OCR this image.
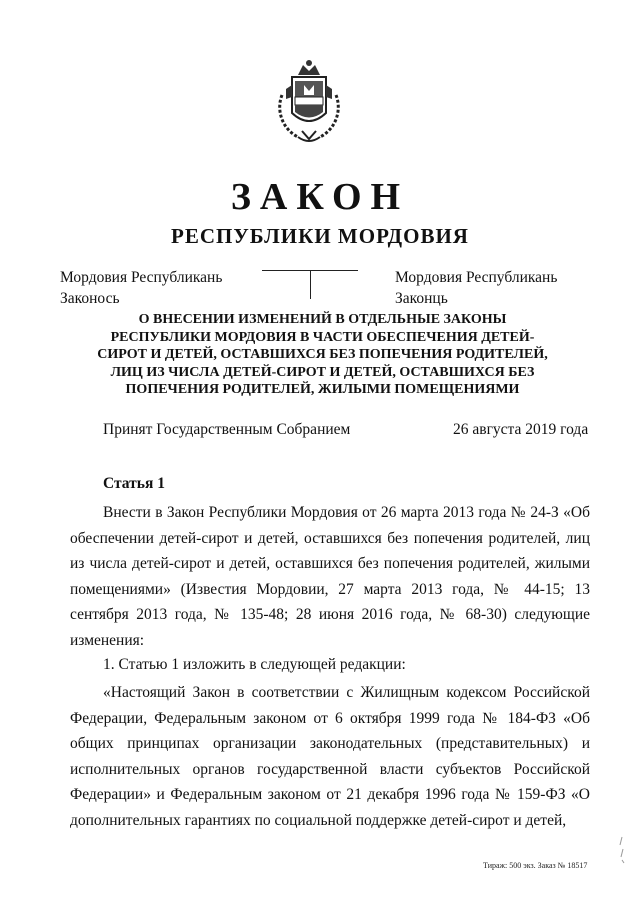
ЗАКОН
РЕСПУБЛИКИ МОРДОВИЯ
Мордовия Республикань
Законось
Мордовия Республикань
Законць
О ВНЕСЕНИИ ИЗМЕНЕНИЙ В ОТДЕЛЬНЫЕ ЗАКОНЫ РЕСПУБЛИКИ МОРДОВИЯ В ЧАСТИ ОБЕСПЕЧЕНИЯ ДЕТЕЙ-СИРОТ И ДЕТЕЙ, ОСТАВШИХСЯ БЕЗ ПОПЕЧЕНИЯ РОДИТЕЛЕЙ, ЛИЦ ИЗ ЧИСЛА ДЕТЕЙ-СИРОТ И ДЕТЕЙ, ОСТАВШИХСЯ БЕЗ ПОПЕЧЕНИЯ РОДИТЕЛЕЙ, ЖИЛЫМИ ПОМЕЩЕНИЯМИ
Принят Государственным Собранием	26 августа 2019 года
Статья 1
Внести в Закон Республики Мордовия от 26 марта 2013 года № 24-З «Об обеспечении детей-сирот и детей, оставшихся без попечения родителей, лиц из числа детей-сирот и детей, оставшихся без попечения родителей, жилыми помещениями» (Известия Мордовии, 27 марта 2013 года, № 44-15; 13 сентября 2013 года, № 135-48; 28 июня 2016 года, № 68-30) следующие изменения:
1. Статью 1 изложить в следующей редакции:
«Настоящий Закон в соответствии с Жилищным кодексом Российской Федерации, Федеральным законом от 6 октября 1999 года № 184-ФЗ «Об общих принципах организации законодательных (представительных) и исполнительных органов государственной власти субъектов Российской Федерации» и Федеральным законом от 21 декабря 1996 года № 159-ФЗ «О дополнительных гарантиях по социальной поддержке детей-сирот и детей,
Тираж: 500 экз. Заказ № 18517
